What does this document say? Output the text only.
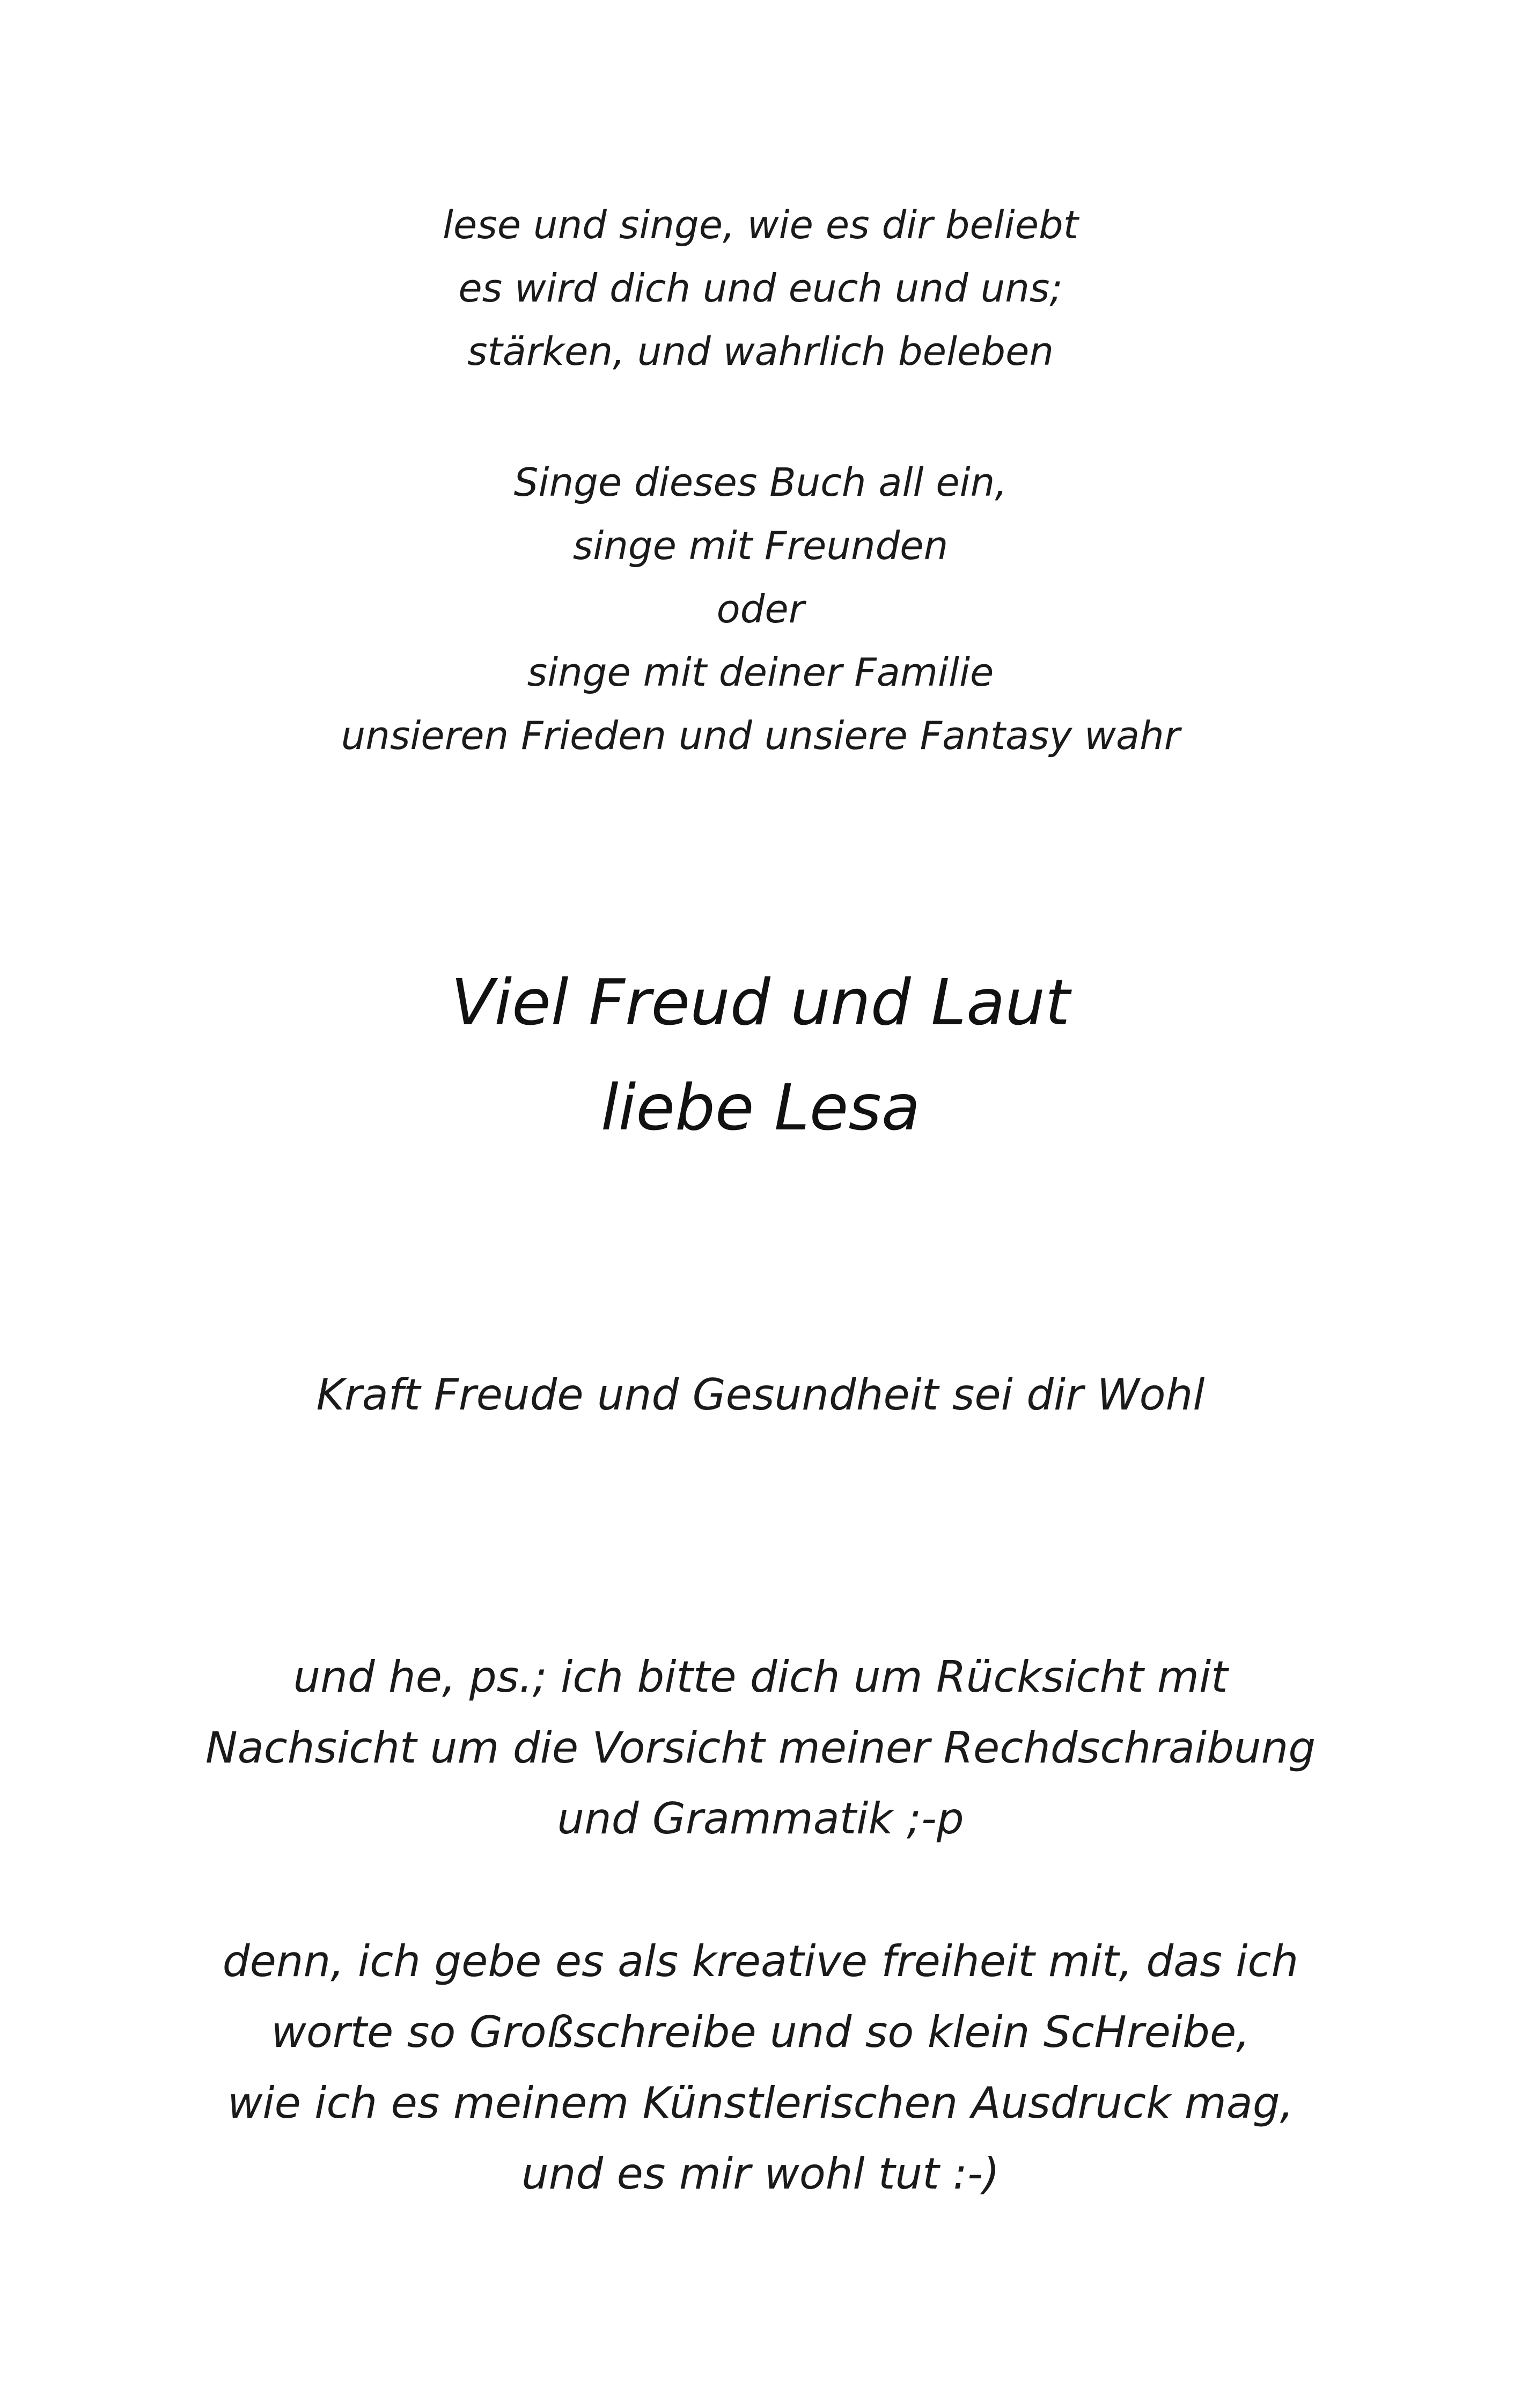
lese und singe, wie es dir beliebt
es wird dich und euch und uns;
stärken, und wahrlich beleben
Singe dieses Buch all ein,
singe mit Freunden
oder
singe mit deiner Familie
unsieren Frieden und unsiere Fantasy wahr
Viel Freud und Laut
liebe Lesa
Kraft Freude und Gesundheit sei dir Wohl
und he, ps.; ich bitte dich um Rücksicht mit
Nachsicht um die Vorsicht meiner Rechdschraibung
und Grammatik ;-p
denn, ich gebe es als kreative freiheit mit, das ich
worte so Großschreibe und so klein ScHreibe,
wie ich es meinem Künstlerischen Ausdruck mag,
und es mir wohl tut :-)
